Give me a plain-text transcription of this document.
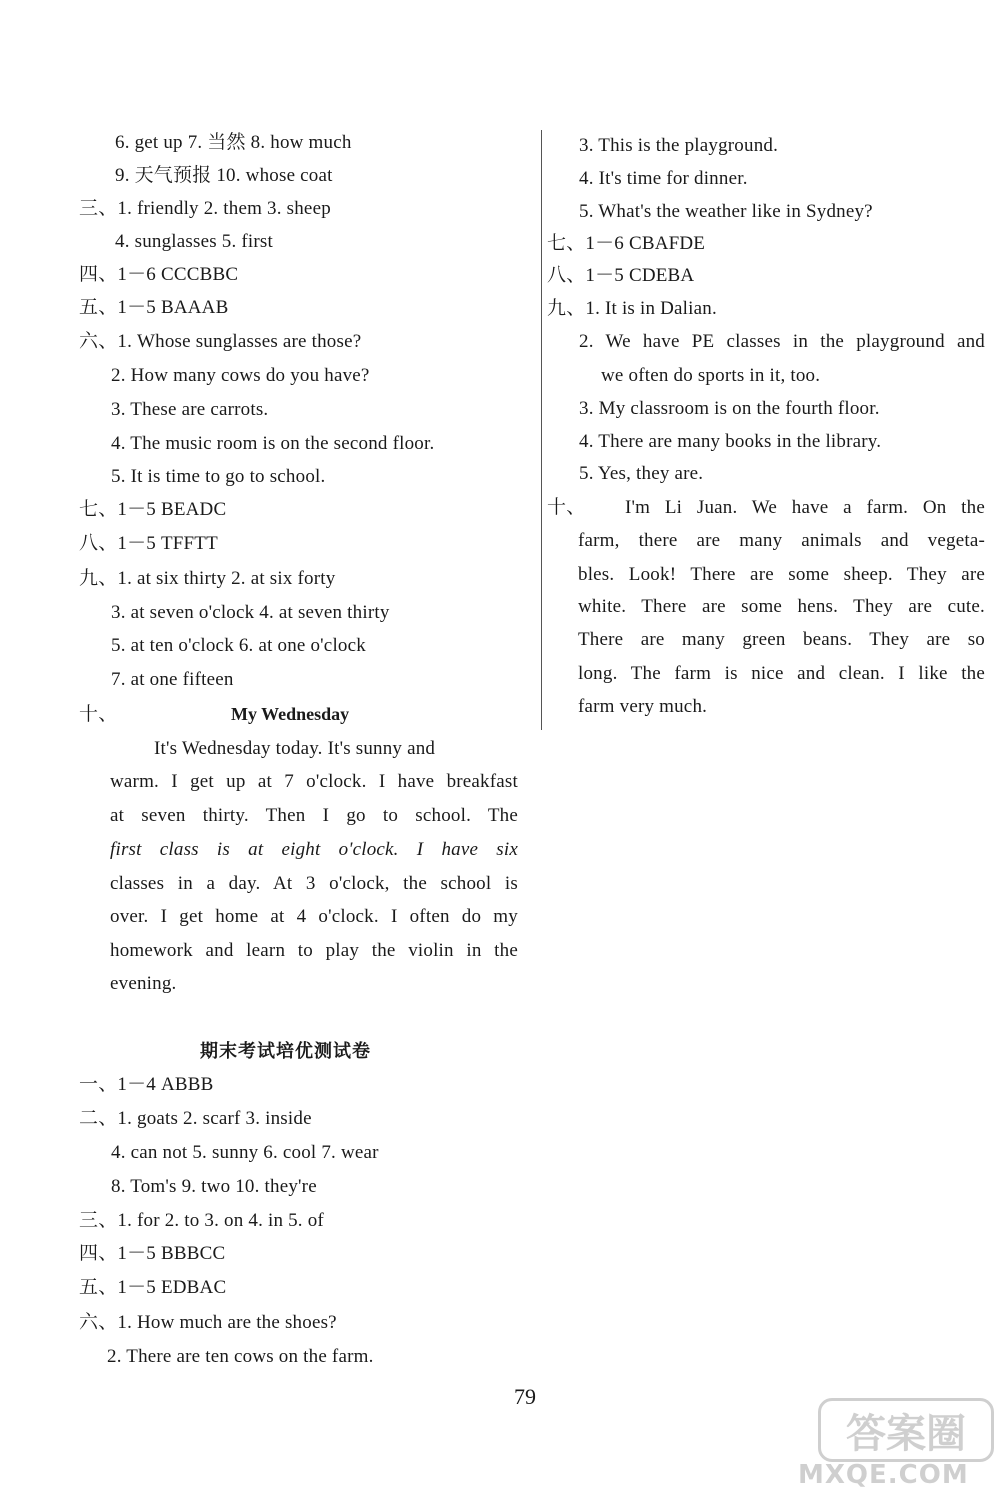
6. get up 7. 当然 8. how much
9. 天气预报 10. whose coat
三、1. friendly 2. them 3. sheep
4. sunglasses 5. first
四、1－6 CCCBBC
五、1－5 BAAAB
六、1. Whose sunglasses are those?
2. How many cows do you have?
3. These are carrots.
4. The music room is on the second floor.
5. It is time to go to school.
七、1－5 BEADC
八、1－5 TFFTT
九、1. at six thirty 2. at six forty
3. at seven o'clock 4. at seven thirty
5. at ten o'clock 6. at one o'clock
7. at one fifteen
十、	My Wednesday
It's Wednesday today. It's sunny and
warm. I get up at 7 o'clock. I have breakfast
at seven thirty. Then I go to school. The
first class is at eight o'clock. I have six
classes in a day. At 3 o'clock, the school is
over. I get home at 4 o'clock. I often do my
homework and learn to play the violin in the
evening.
期末考试培优测试卷
一、1－4 ABBB
二、1. goats 2. scarf 3. inside
4. can not 5. sunny 6. cool 7. wear
8. Tom's 9. two 10. they're
三、1. for 2. to 3. on 4. in 5. of
四、1－5 BBBCC
五、1－5 EDBAC
六、1. How much are the shoes?
2. There are ten cows on the farm.
3. This is the playground.
4. It's time for dinner.
5. What's the weather like in Sydney?
七、1－6 CBAFDE
八、1－5 CDEBA
九、1. It is in Dalian.
2. We have PE classes in the playground and
we often do sports in it, too.
3. My classroom is on the fourth floor.
4. There are many books in the library.
5. Yes, they are.
十、 I'm Li Juan. We have a farm. On the
farm, there are many animals and vegeta-
bles. Look! There are some sheep. They are
white. There are some hens. They are cute.
There are many green beans. They are so
long. The farm is nice and clean. I like the
farm very much.
79
答案圈
MXQE.COM
